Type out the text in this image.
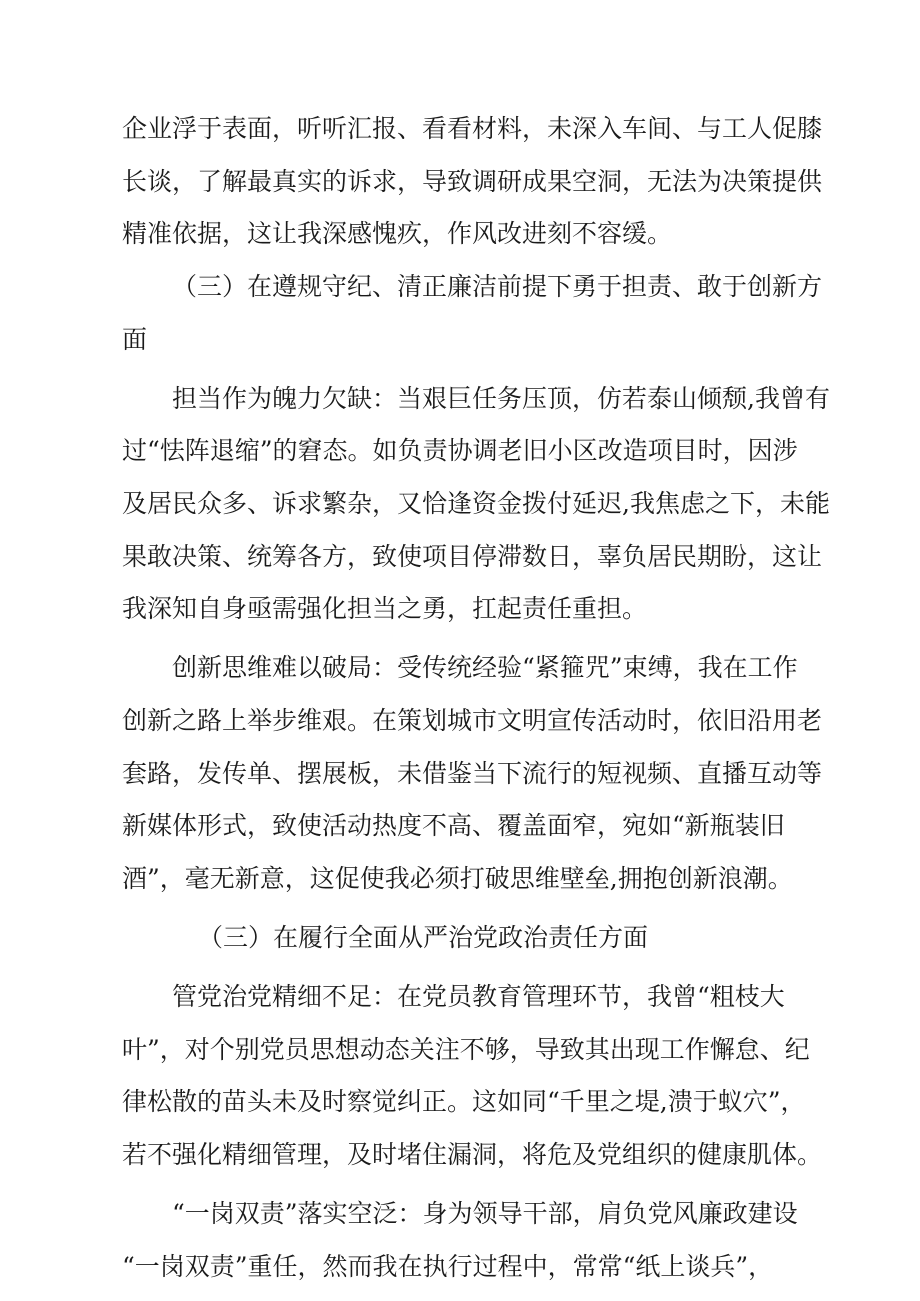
企业浮于表面，听听汇报、看看材料，未深入车间、与工人促膝
长谈，了解最真实的诉求，导致调研成果空洞，无法为决策提供
精准依据，这让我深感愧疚，作风改进刻不容缓。
（三）在遵规守纪、清正廉洁前提下勇于担责、敢于创新方
面
担当作为魄力欠缺：当艰巨任务压顶，仿若泰山倾颓,我曾有
过“怯阵退缩”的窘态。如负责协调老旧小区改造项目时，因涉
及居民众多、诉求繁杂，又恰逢资金拨付延迟,我焦虑之下，未能
果敢决策、统筹各方，致使项目停滞数日，辜负居民期盼，这让
我深知自身亟需强化担当之勇，扛起责任重担。
创新思维难以破局：受传统经验“紧箍咒”束缚，我在工作
创新之路上举步维艰。在策划城市文明宣传活动时，依旧沿用老
套路，发传单、摆展板，未借鉴当下流行的短视频、直播互动等
新媒体形式，致使活动热度不高、覆盖面窄，宛如“新瓶装旧
酒”，毫无新意，这促使我必须打破思维壁垒,拥抱创新浪潮。
（三）在履行全面从严治党政治责任方面
管党治党精细不足：在党员教育管理环节，我曾“粗枝大
叶”，对个别党员思想动态关注不够，导致其出现工作懈怠、纪
律松散的苗头未及时察觉纠正。这如同“千里之堤,溃于蚁穴”，
若不强化精细管理，及时堵住漏洞，将危及党组织的健康肌体。
“一岗双责”落实空泛：身为领导干部，肩负党风廉政建设
“一岗双责”重任，然而我在执行过程中，常常“纸上谈兵”，
